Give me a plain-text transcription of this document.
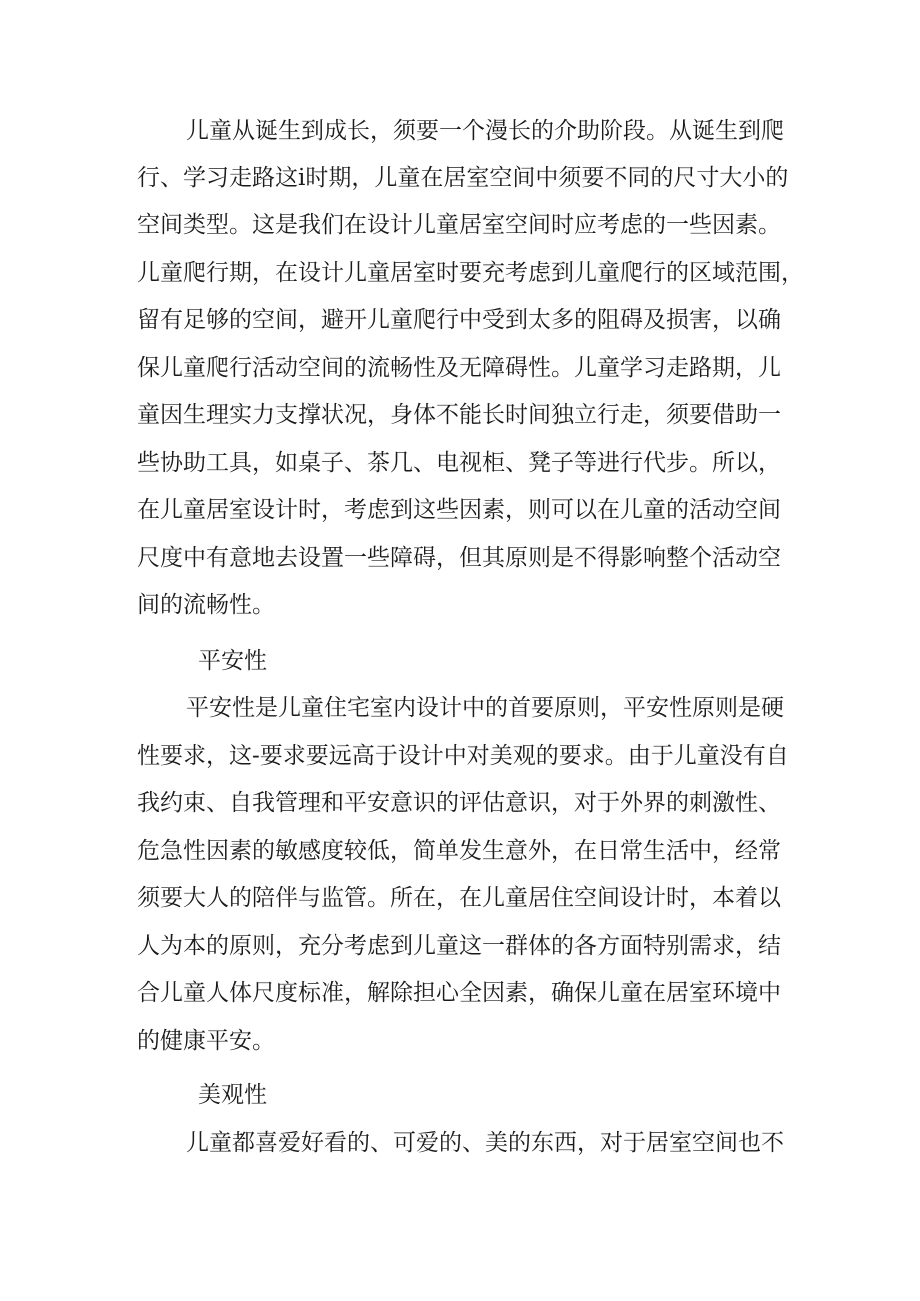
儿童从诞生到成长，须要一个漫长的介助阶段。从诞生到爬
行、学习走路这i时期，儿童在居室空间中须要不同的尺寸大小的
空间类型。这是我们在设计儿童居室空间时应考虑的一些因素。
儿童爬行期，在设计儿童居室时要充考虑到儿童爬行的区域范围，
留有足够的空间，避开儿童爬行中受到太多的阻碍及损害，以确
保儿童爬行活动空间的流畅性及无障碍性。儿童学习走路期，儿
童因生理实力支撑状况，身体不能长时间独立行走，须要借助一
些协助工具，如桌子、茶几、电视柜、凳子等进行代步。所以，
在儿童居室设计时，考虑到这些因素，则可以在儿童的活动空间
尺度中有意地去设置一些障碍，但其原则是不得影响整个活动空
间的流畅性。
平安性
平安性是儿童住宅室内设计中的首要原则，平安性原则是硬
性要求，这-要求要远高于设计中对美观的要求。由于儿童没有自
我约束、自我管理和平安意识的评估意识，对于外界的刺激性、
危急性因素的敏感度较低，简单发生意外，在日常生活中，经常
须要大人的陪伴与监管。所在，在儿童居住空间设计时，本着以
人为本的原则，充分考虑到儿童这一群体的各方面特别需求，结
合儿童人体尺度标准，解除担心全因素，确保儿童在居室环境中
的健康平安。
美观性
儿童都喜爱好看的、可爱的、美的东西，对于居室空间也不
